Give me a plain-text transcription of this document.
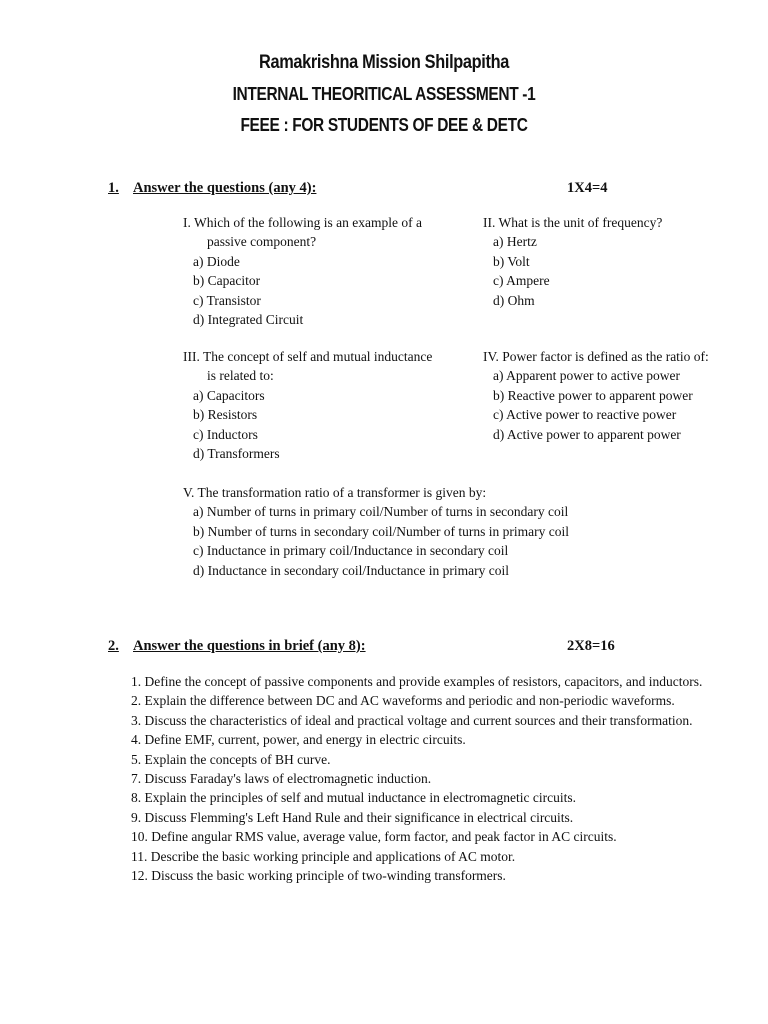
Ramakrishna Mission Shilpapitha
INTERNAL THEORITICAL ASSESSMENT -1
FEEE : FOR STUDENTS OF DEE & DETC
1. Answer the questions (any 4):	1X4=4
I. Which of the following is an example of a
passive component?
a) Diode
b) Capacitor
c) Transistor
d) Integrated Circuit
II. What is the unit of frequency?
a) Hertz
b) Volt
c) Ampere
d) Ohm
III. The concept of self and mutual inductance
is related to:
a) Capacitors
b) Resistors
c) Inductors
d) Transformers
IV. Power factor is defined as the ratio of:
a) Apparent power to active power
b) Reactive power to apparent power
c) Active power to reactive power
d) Active power to apparent power
V. The transformation ratio of a transformer is given by:
a) Number of turns in primary coil/Number of turns in secondary coil
b) Number of turns in secondary coil/Number of turns in primary coil
c) Inductance in primary coil/Inductance in secondary coil
d) Inductance in secondary coil/Inductance in primary coil
2. Answer the questions in brief (any 8):	2X8=16
1. Define the concept of passive components and provide examples of resistors, capacitors, and inductors.
2. Explain the difference between DC and AC waveforms and periodic and non-periodic waveforms.
3. Discuss the characteristics of ideal and practical voltage and current sources and their transformation.
4. Define EMF, current, power, and energy in electric circuits.
5. Explain the concepts of BH curve.
7. Discuss Faraday's laws of electromagnetic induction.
8. Explain the principles of self and mutual inductance in electromagnetic circuits.
9. Discuss Flemming's Left Hand Rule and their significance in electrical circuits.
10. Define angular RMS value, average value, form factor, and peak factor in AC circuits.
11. Describe the basic working principle and applications of AC motor.
12. Discuss the basic working principle of two-winding transformers.
